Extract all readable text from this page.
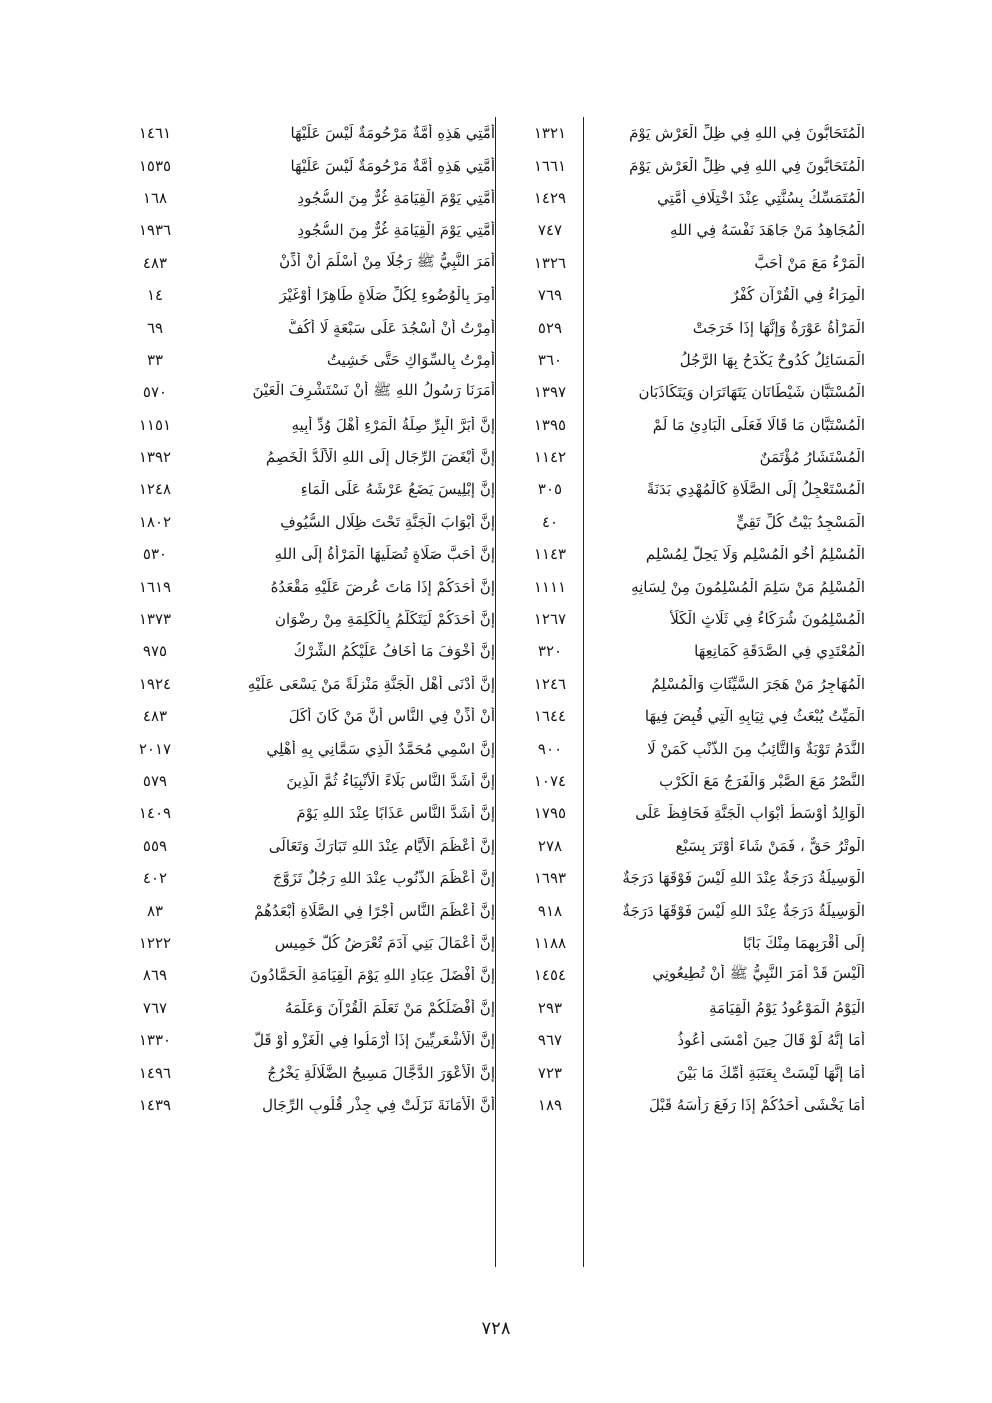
الْمُتَحَابُّونَ فِي اللهِ فِي ظِلِّ الْعَرْشِ يَوْمَ
١٣٢١
الْمُتَحَابُّونَ فِي اللهِ فِي ظِلِّ الْعَرْشِ يَوْمَ
١٦٦١
الْمُتَمَسِّكُ بِسُنَّتِي عِنْدَ اخْتِلَافِ أُمَّتِي
١٤٢٩
الْمُجَاهِدُ مَنْ جَاهَدَ نَفْسَهُ فِي اللهِ
٧٤٧
الْمَرْءُ مَعَ مَنْ أَحَبَّ
١٣٢٦
الْمِرَاءُ فِي الْقُرْآنِ كُفْرٌ
٧٦٩
الْمَرْأَةُ عَوْرَةٌ وَإِنَّهَا إِذَا خَرَجَتْ
٥٢٩
الْمَسَائِلُ كُدُوحٌ يَكْدَحُ بِهَا الرَّجُلُ
٣٦٠
الْمُسْتَبَّانِ شَيْطَانَانِ يَتَهَاتَرَانِ وَيَتَكَاذَبَانِ
١٣٩٧
الْمُسْتَبَّانِ مَا قَالَا فَعَلَى الْبَادِئِ مَا لَمْ
١٣٩٥
الْمُسْتَشَارُ مُؤْتَمَنٌ
١١٤٢
الْمُسْتَعْجِلُ إِلَى الصَّلَاةِ كَالْمُهْدِي بَدَنَةً
٣٠٥
الْمَسْجِدُ بَيْتُ كُلِّ تَقِيٍّ
٤٠
الْمُسْلِمُ أَخُو الْمُسْلِمِ وَلَا يَحِلُّ لِمُسْلِمٍ
١١٤٣
الْمُسْلِمُ مَنْ سَلِمَ الْمُسْلِمُونَ مِنْ لِسَانِهِ
١١١١
الْمُسْلِمُونَ شُرَكَاءُ فِي ثَلَاثٍ الْكَلَأُ
١٢٦٧
الْمُعْتَدِي فِي الصَّدَقَةِ كَمَانِعِهَا
٣٢٠
الْمُهَاجِرُ مَنْ هَجَرَ السَّيِّئَاتِ وَالْمُسْلِمُ
١٢٤٦
الْمَيِّتُ يُبْعَثُ فِي ثِيَابِهِ الَّتِي قُبِضَ فِيهَا
١٦٤٤
النَّدَمُ تَوْبَةٌ وَالتَّائِبُ مِنَ الذَّنْبِ كَمَنْ لَا
٩٠٠
النَّصْرُ مَعَ الصَّبْرِ وَالْفَرَجُ مَعَ الْكَرْبِ
١٠٧٤
الْوَالِدُ أَوْسَطُ أَبْوَابِ الْجَنَّةِ فَحَافِظْ عَلَى
١٧٩٥
الْوِتْرُ حَقٌّ ، فَمَنْ شَاءَ أَوْتَرَ بِسَبْعٍ
٢٧٨
الْوَسِيلَةُ دَرَجَةٌ عِنْدَ اللهِ لَيْسَ فَوْقَهَا دَرَجَةٌ
١٦٩٣
الْوَسِيلَةُ دَرَجَةٌ عِنْدَ اللهِ لَيْسَ فَوْقَهَا دَرَجَةٌ
٩١٨
إِلَى أَقْرَبِهِمَا مِنْكَ بَابًا
١١٨٨
أَلَيْسَ قَدْ أَمَرَ النَّبِيُّ ﷺ أَنْ تُطِيعُونِي
١٤٥٤
الْيَوْمُ الْمَوْعُودُ يَوْمُ الْقِيَامَةِ
٢٩٣
أَمَا إِنَّهُ لَوْ قَالَ حِينَ أَمْسَى أَعُوذُ
٩٦٧
أَمَا إِنَّهَا لَيْسَتْ بِعَتَبَةِ أُمِّكَ مَا بَيْنَ
٧٢٣
أَمَا يَخْشَى أَحَدُكُمْ إِذَا رَفَعَ رَأْسَهُ قَبْلَ
١٨٩
أُمَّتِي هَذِهِ أُمَّةٌ مَرْحُومَةٌ لَيْسَ عَلَيْهَا
١٤٦١
أُمَّتِي هَذِهِ أُمَّةٌ مَرْحُومَةٌ لَيْسَ عَلَيْهَا
١٥٣٥
أُمَّتِي يَوْمَ الْقِيَامَةِ غُرٌّ مِنَ السُّجُودِ
١٦٨
أُمَّتِي يَوْمَ الْقِيَامَةِ غُرٌّ مِنَ السُّجُودِ
١٩٣٦
أَمَرَ النَّبِيُّ ﷺ رَجُلًا مِنْ أَسْلَمَ أَنْ أَذِّنْ
٤٨٣
أُمِرَ بِالْوُضُوءِ لِكُلِّ صَلَاةٍ طَاهِرًا أَوْغَيْرَ
١٤
أُمِرْتُ أَنْ أَسْجُدَ عَلَى سَبْعَةٍ لَا أَكُفُّ
٦٩
أُمِرْتُ بِالسِّوَاكِ حَتَّى خَشِيتُ
٣٣
أَمَرَنَا رَسُولُ اللهِ ﷺ أَنْ نَسْتَشْرِفَ الْعَيْنَ
٥٧٠
إِنَّ أَبَرَّ الْبِرِّ صِلَةُ الْمَرْءِ أَهْلَ وُدِّ أَبِيهِ
١١٥١
إِنَّ أَبْغَضَ الرِّجَالِ إِلَى اللهِ الْأَلَدُّ الْخَصِمُ
١٣٩٢
إِنَّ إِبْلِيسَ يَضَعُ عَرْشَهُ عَلَى الْمَاءِ
١٢٤٨
إِنَّ أَبْوَابَ الْجَنَّةِ تَحْتَ ظِلَالِ السُّيُوفِ
١٨٠٢
إِنَّ أَحَبَّ صَلَاةٍ تُصَلِّيهَا الْمَرْأَةُ إِلَى اللهِ
٥٣٠
إِنَّ أَحَدَكُمْ إِذَا مَاتَ عُرِضَ عَلَيْهِ مَقْعَدُهُ
١٦١٩
إِنَّ أَحَدَكُمْ لَيَتَكَلَّمُ بِالْكَلِمَةِ مِنْ رِضْوَانِ
١٣٧٣
إِنَّ أَخْوَفَ مَا أَخَافُ عَلَيْكُمُ الشِّرْكُ
٩٧٥
إِنَّ أَدْنَى أَهْلِ الْجَنَّةِ مَنْزِلَةً مَنْ يَسْعَى عَلَيْهِ
١٩٢٤
أَنْ أَذِّنْ فِي النَّاسِ أَنَّ مَنْ كَانَ أَكَلَ
٤٨٣
إِنَّ اسْمِي مُحَمَّدٌ الَّذِي سَمَّانِي بِهِ أَهْلِي
٢٠١٧
إِنَّ أَشَدَّ النَّاسِ بَلَاءً الْأَنْبِيَاءُ ثُمَّ الَّذِينَ
٥٧٩
إِنَّ أَشَدَّ النَّاسِ عَذَابًا عِنْدَ اللهِ يَوْمَ
١٤٠٩
إِنَّ أَعْظَمَ الْأَيَّامِ عِنْدَ اللهِ تَبَارَكَ وَتَعَالَى
٥٥٩
إِنَّ أَعْظَمَ الذُّنُوبِ عِنْدَ اللهِ رَجُلٌ تَزَوَّجَ
٤٠٢
إِنَّ أَعْظَمَ النَّاسِ أَجْرًا فِي الصَّلَاةِ أَبْعَدُهُمْ
٨٣
إِنَّ أَعْمَالَ بَنِي آدَمَ تُعْرَضُ كُلَّ خَمِيسٍ
١٢٢٢
إِنَّ أَفْضَلَ عِبَادِ اللهِ يَوْمَ الْقِيَامَةِ الْحَمَّادُونَ
٨٦٩
إِنَّ أَفْضَلَكُمْ مَنْ تَعَلَّمَ الْقُرْآنَ وَعَلَّمَهُ
٧٦٧
إِنَّ الْأَشْعَرِيِّينَ إِذَا أَرْمَلُوا فِي الْغَزْوِ أَوْ قَلَّ
١٣٣٠
إِنَّ الْأَعْوَرَ الدَّجَّالَ مَسِيحُ الضَّلَالَةِ يَخْرُجُ
١٤٩٦
أَنَّ الْأَمَانَةَ نَزَلَتْ فِي جِذْرِ قُلُوبِ الرِّجَالِ
١٤٣٩
٧٢٨
